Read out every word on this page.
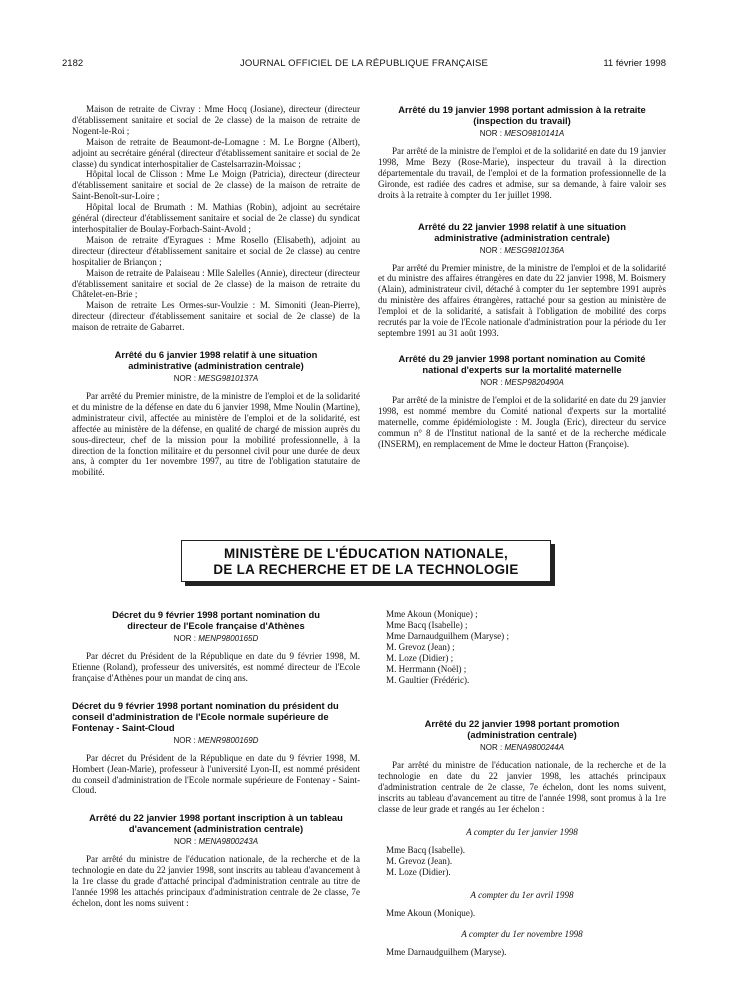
2182	JOURNAL OFFICIEL DE LA RÉPUBLIQUE FRANÇAISE	11 février 1998

Maison de retraite de Civray : Mme Hocq (Josiane), directeur (directeur d'établissement sanitaire et social de 2e classe) de la maison de retraite de Nogent-le-Roi ;

Maison de retraite de Beaumont-de-Lomagne : M. Le Borgne (Albert), adjoint au secrétaire général (directeur d'établissement sanitaire et social de 2e classe) du syndicat interhospitalier de Castelsarrazin-Moissac ;

Hôpital local de Clisson : Mme Le Moign (Patricia), directeur (directeur d'établissement sanitaire et social de 2e classe) de la maison de retraite de Saint-Benoît-sur-Loire ;

Hôpital local de Brumath : M. Mathias (Robin), adjoint au secrétaire général (directeur d'établissement sanitaire et social de 2e classe) du syndicat interhospitalier de Boulay-Forbach-Saint-Avold ;

Maison de retraite d'Eyragues : Mme Rosello (Elisabeth), adjoint au directeur (directeur d'établissement sanitaire et social de 2e classe) au centre hospitalier de Briançon ;

Maison de retraite de Palaiseau : Mlle Salelles (Annie), directeur (directeur d'établissement sanitaire et social de 2e classe) de la maison de retraite du Châtelet-en-Brie ;

Maison de retraite Les Ormes-sur-Voulzie : M. Simoniti (Jean-Pierre), directeur (directeur d'établissement sanitaire et social de 2e classe) de la maison de retraite de Gabarret.

Arrêté du 6 janvier 1998 relatif à une situation administrative (administration centrale)

NOR : MESG9810137A

Par arrêté du Premier ministre, de la ministre de l'emploi et de la solidarité et du ministre de la défense en date du 6 janvier 1998, Mme Noulin (Martine), administrateur civil, affectée au ministère de l'emploi et de la solidarité, est affectée au ministère de la défense, en qualité de chargé de mission auprès du sous-directeur, chef de la mission pour la mobilité professionnelle, à la direction de la fonction militaire et du personnel civil pour une durée de deux ans, à compter du 1er novembre 1997, au titre de l'obligation statutaire de mobilité.

Arrêté du 19 janvier 1998 portant admission à la retraite (inspection du travail)

NOR : MESO9810141A

Par arrêté de la ministre de l'emploi et de la solidarité en date du 19 janvier 1998, Mme Bezy (Rose-Marie), inspecteur du travail à la direction départementale du travail, de l'emploi et de la formation professionnelle de la Gironde, est radiée des cadres et admise, sur sa demande, à faire valoir ses droits à la retraite à compter du 1er juillet 1998.

Arrêté du 22 janvier 1998 relatif à une situation administrative (administration centrale)

NOR : MESG9810136A

Par arrêté du Premier ministre, de la ministre de l'emploi et de la solidarité et du ministre des affaires étrangères en date du 22 janvier 1998, M. Boismery (Alain), administrateur civil, détaché à compter du 1er septembre 1991 auprès du ministère des affaires étrangères, rattaché pour sa gestion au ministère de l'emploi et de la solidarité, a satisfait à l'obligation de mobilité des corps recrutés par la voie de l'Ecole nationale d'administration pour la période du 1er septembre 1991 au 31 août 1993.

Arrêté du 29 janvier 1998 portant nomination au Comité national d'experts sur la mortalité maternelle

NOR : MESP9820490A

Par arrêté de la ministre de l'emploi et de la solidarité en date du 29 janvier 1998, est nommé membre du Comité national d'experts sur la mortalité maternelle, comme épidémiologiste : M. Jougla (Eric), directeur du service commun n° 8 de l'Institut national de la santé et de la recherche médicale (INSERM), en remplacement de Mme le docteur Hatton (Françoise).

MINISTÈRE DE L'ÉDUCATION NATIONALE,
DE LA RECHERCHE ET DE LA TECHNOLOGIE

Décret du 9 février 1998 portant nomination du directeur de l'Ecole française d'Athènes

NOR : MENP9800165D

Par décret du Président de la République en date du 9 février 1998, M. Etienne (Roland), professeur des universités, est nommé directeur de l'Ecole française d'Athènes pour un mandat de cinq ans.

Décret du 9 février 1998 portant nomination du président du conseil d'administration de l'Ecole normale supérieure de Fontenay - Saint-Cloud

NOR : MENR9800169D

Par décret du Président de la République en date du 9 février 1998, M. Hombert (Jean-Marie), professeur à l'université Lyon-II, est nommé président du conseil d'administration de l'Ecole normale supérieure de Fontenay - Saint-Cloud.

Arrêté du 22 janvier 1998 portant inscription à un tableau d'avancement (administration centrale)

NOR : MENA9800243A

Par arrêté du ministre de l'éducation nationale, de la recherche et de la technologie en date du 22 janvier 1998, sont inscrits au tableau d'avancement à la 1re classe du grade d'attaché principal d'administration centrale au titre de l'année 1998 les attachés principaux d'administration centrale de 2e classe, 7e échelon, dont les noms suivent :

Mme Akoun (Monique) ;
Mme Bacq (Isabelle) ;
Mme Darnaudguilhem (Maryse) ;
M. Grevoz (Jean) ;
M. Loze (Didier) ;
M. Herrmann (Noël) ;
M. Gaultier (Frédéric).

Arrêté du 22 janvier 1998 portant promotion (administration centrale)

NOR : MENA9800244A

Par arrêté du ministre de l'éducation nationale, de la recherche et de la technologie en date du 22 janvier 1998, les attachés principaux d'administration centrale de 2e classe, 7e échelon, dont les noms suivent, inscrits au tableau d'avancement au titre de l'année 1998, sont promus à la 1re classe de leur grade et rangés au 1er échelon :

A compter du 1er janvier 1998

Mme Bacq (Isabelle).
M. Grevoz (Jean).
M. Loze (Didier).

A compter du 1er avril 1998

Mme Akoun (Monique).

A compter du 1er novembre 1998

Mme Darnaudguilhem (Maryse).
